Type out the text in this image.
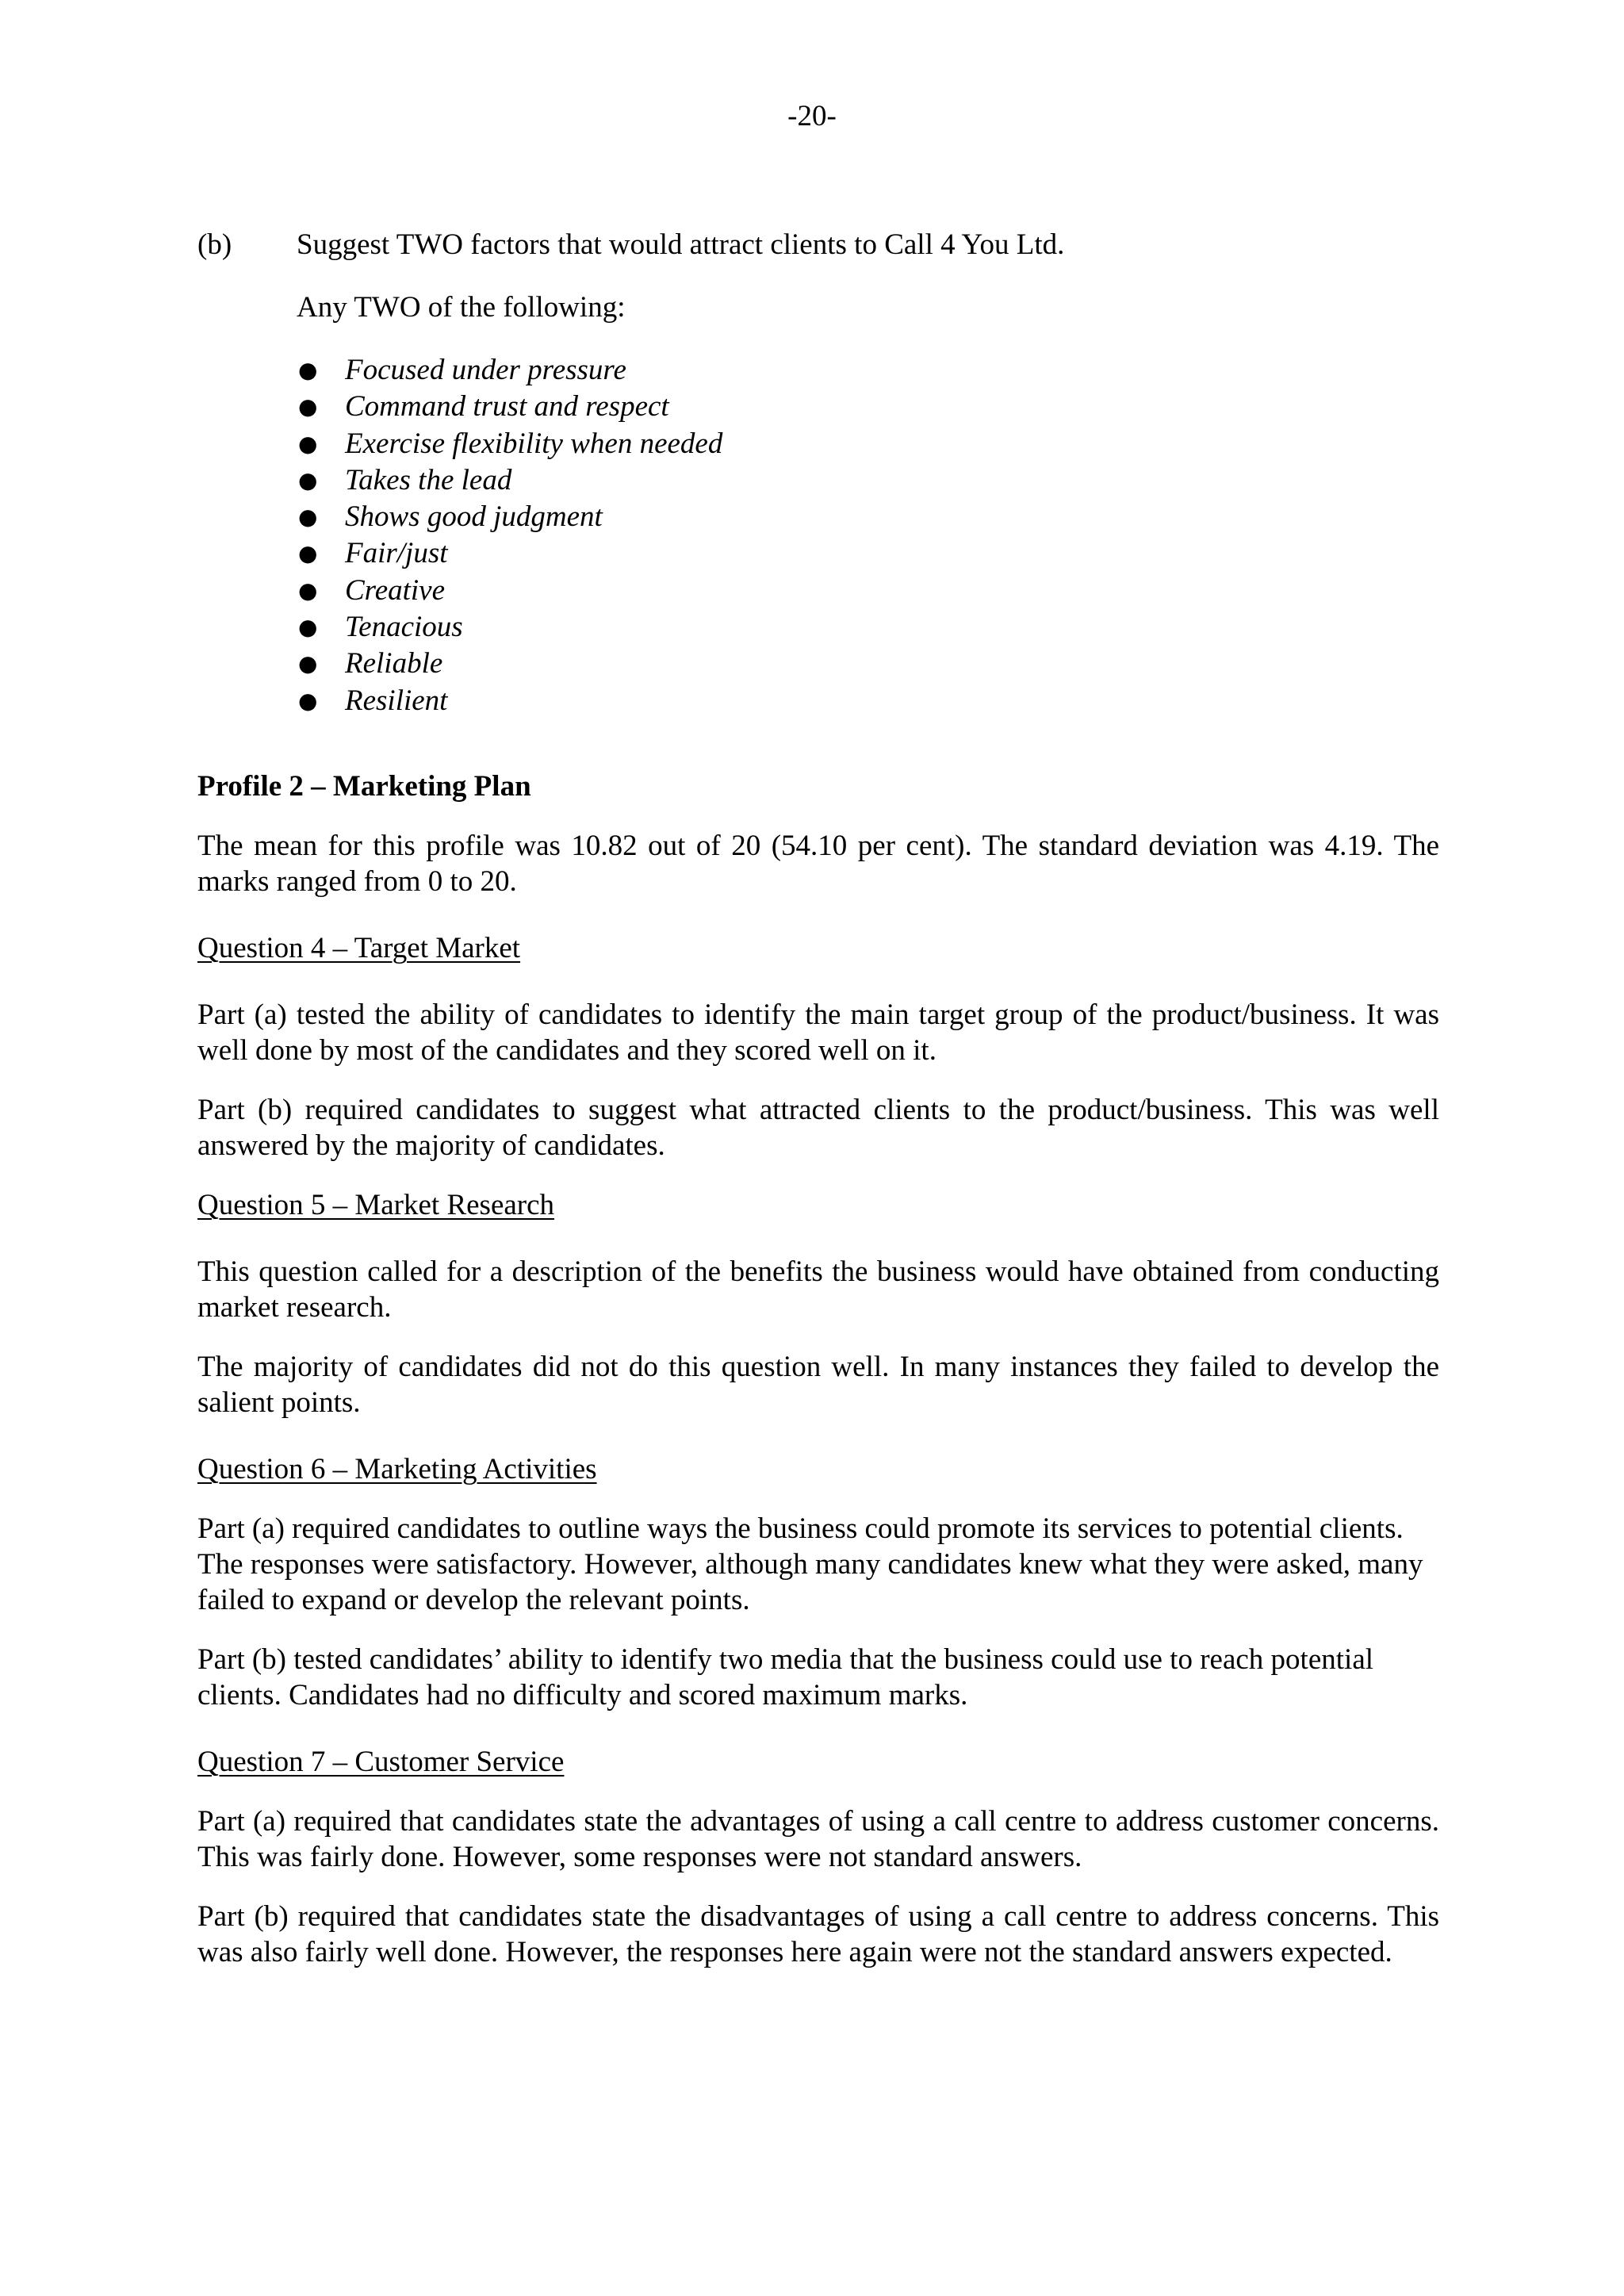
-20-
(b)	Suggest TWO factors that would attract clients to Call 4 You Ltd.
Any TWO of the following:
● Focused under pressure
● Command trust and respect
● Exercise flexibility when needed
● Takes the lead
● Shows good judgment
● Fair/just
● Creative
● Tenacious
● Reliable
● Resilient
Profile 2 – Marketing Plan

The mean for this profile was 10.82 out of 20 (54.10 per cent). The standard deviation was 4.19. The marks ranged from 0 to 20.

Question 4 – Target Market

Part (a) tested the ability of candidates to identify the main target group of the product/business. It was well done by most of the candidates and they scored well on it.

Part (b) required candidates to suggest what attracted clients to the product/business. This was well answered by the majority of candidates.

Question 5 – Market Research

This question called for a description of the benefits the business would have obtained from conducting market research.

The majority of candidates did not do this question well. In many instances they failed to develop the salient points.

Question 6 – Marketing Activities

Part (a) required candidates to outline ways the business could promote its services to potential clients. The responses were satisfactory. However, although many candidates knew what they were asked, many failed to expand or develop the relevant points.

Part (b) tested candidates’ ability to identify two media that the business could use to reach potential clients. Candidates had no difficulty and scored maximum marks.

Question 7 – Customer Service

Part (a) required that candidates state the advantages of using a call centre to address customer concerns. This was fairly done. However, some responses were not standard answers.

Part (b) required that candidates state the disadvantages of using a call centre to address concerns. This was also fairly well done. However, the responses here again were not the standard answers expected.
